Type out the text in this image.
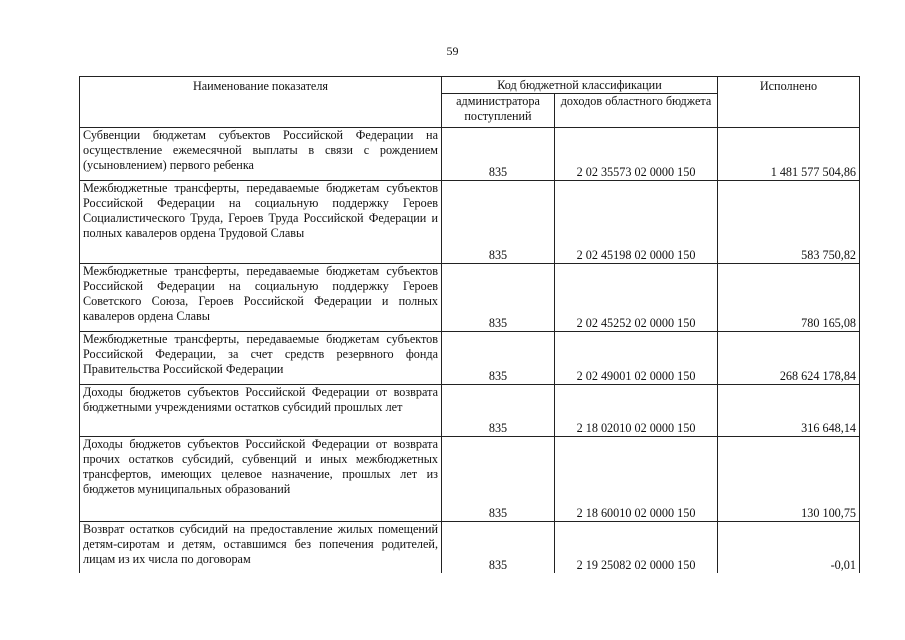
59
Наименование показателя	Код бюджетной классификации		Исполнено
	администратора поступлений	доходов областного бюджета	
Субвенции бюджетам субъектов Российской Федерации на осуществление ежемесячной выплаты в связи с рождением (усыновлением) первого ребенка	835	2 02 35573 02 0000 150	1 481 577 504,86
Межбюджетные трансферты, передаваемые бюджетам субъектов Российской Федерации на социальную поддержку Героев Социалистического Труда, Героев Труда Российской Федерации и полных кавалеров ордена Трудовой Славы	835	2 02 45198 02 0000 150	583 750,82
Межбюджетные трансферты, передаваемые бюджетам субъектов Российской Федерации на социальную поддержку Героев Советского Союза, Героев Российской Федерации и полных кавалеров ордена Славы	835	2 02 45252 02 0000 150	780 165,08
Межбюджетные трансферты, передаваемые бюджетам субъектов Российской Федерации, за счет средств резервного фонда Правительства Российской Федерации	835	2 02 49001 02 0000 150	268 624 178,84
Доходы бюджетов субъектов Российской Федерации от возврата бюджетными учреждениями остатков субсидий прошлых лет	835	2 18 02010 02 0000 150	316 648,14
Доходы бюджетов субъектов Российской Федерации от возврата прочих остатков субсидий, субвенций и иных межбюджетных трансфертов, имеющих целевое назначение, прошлых лет из бюджетов муниципальных образований	835	2 18 60010 02 0000 150	130 100,75
Возврат остатков субсидий на предоставление жилых помещений детям-сиротам и детям, оставшимся без попечения родителей, лицам из их числа по договорам	835	2 19 25082 02 0000 150	-0,01
